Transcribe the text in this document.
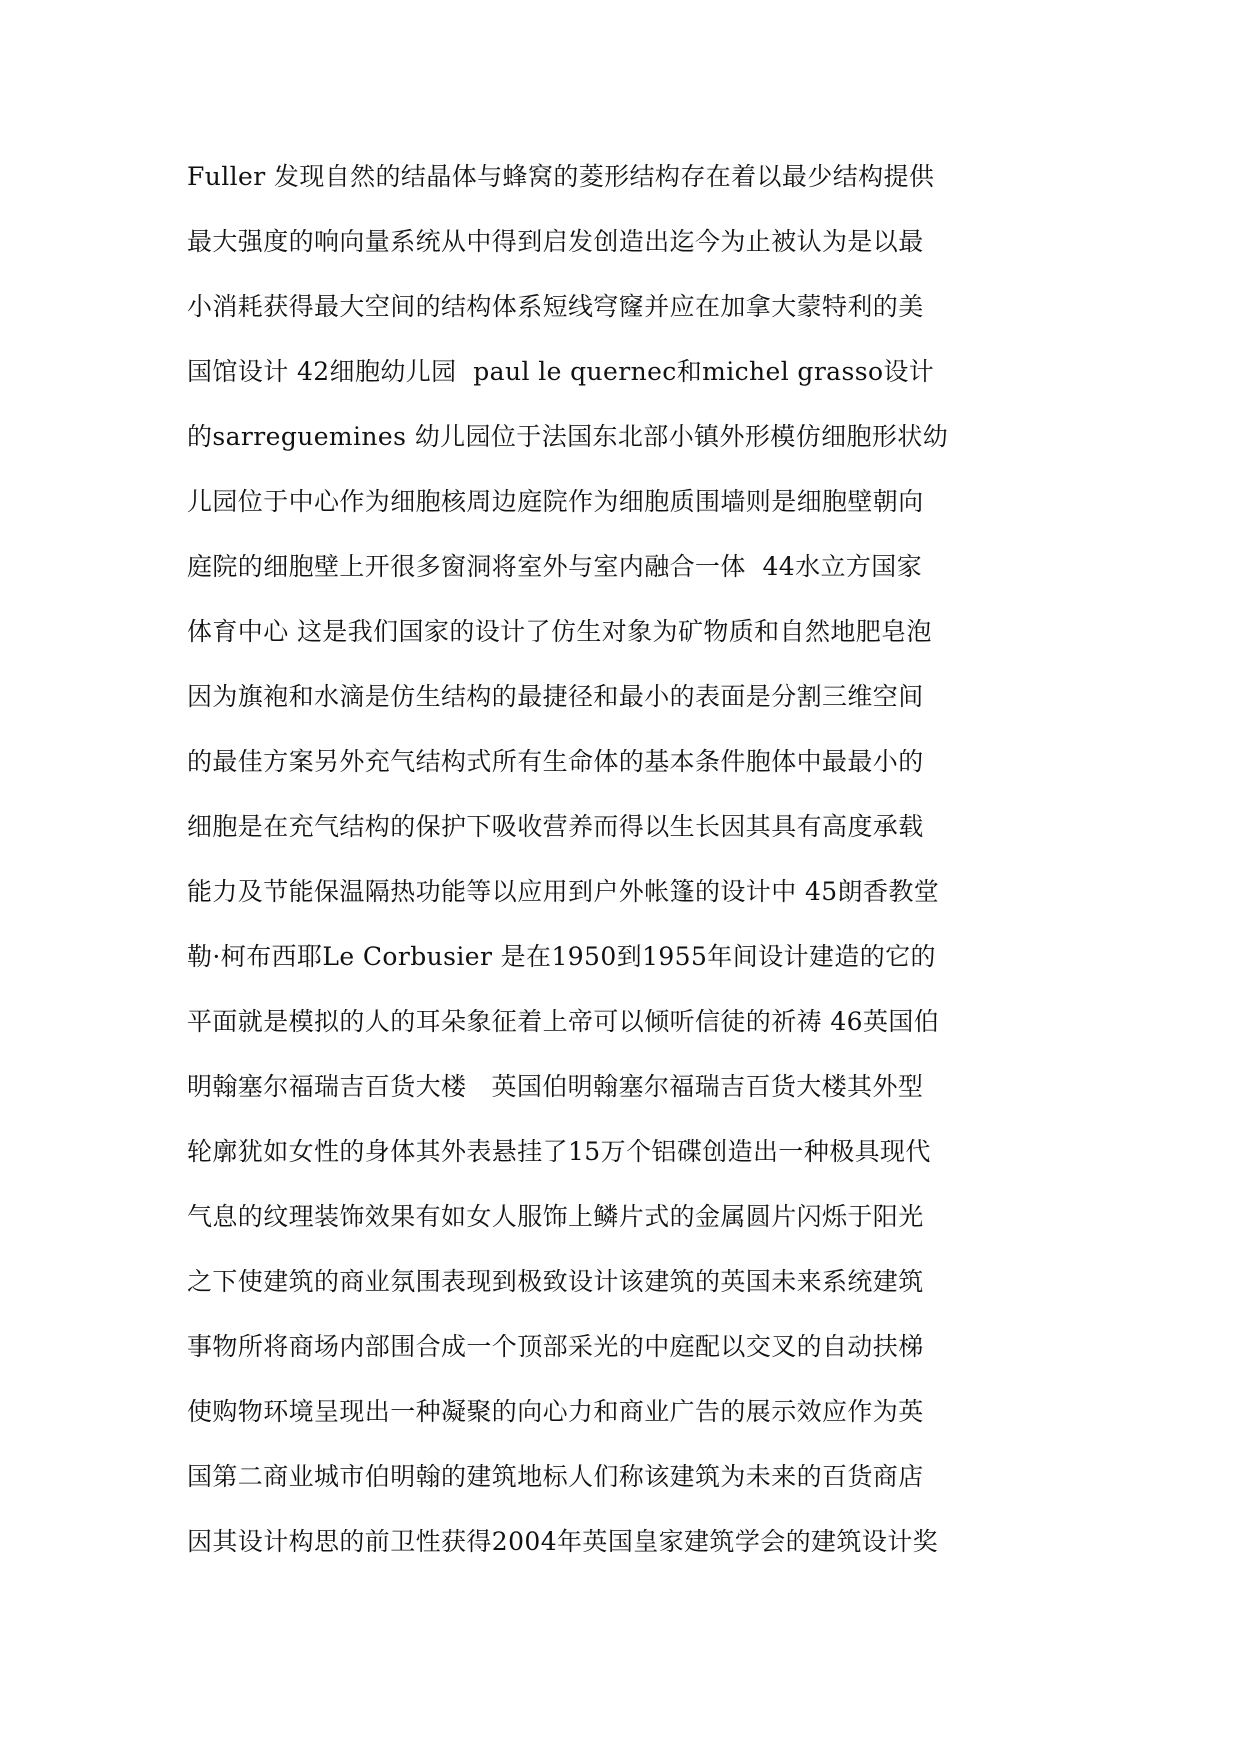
Fuller 发现自然的结晶体与蜂窝的菱形结构存在着以最少结构提供
最大强度的响向量系统从中得到启发创造出迄今为止被认为是以最
小消耗获得最大空间的结构体系短线穹窿并应在加拿大蒙特利的美
国馆设计 42细胞幼儿园  paul le quernec和michel grasso设计
的sarreguemines 幼儿园位于法国东北部小镇外形模仿细胞形状幼
儿园位于中心作为细胞核周边庭院作为细胞质围墙则是细胞壁朝向
庭院的细胞壁上开很多窗洞将室外与室内融合一体  44水立方国家
体育中心 这是我们国家的设计了仿生对象为矿物质和自然地肥皂泡
因为旗袍和水滴是仿生结构的最捷径和最小的表面是分割三维空间
的最佳方案另外充气结构式所有生命体的基本条件胞体中最最小的
细胞是在充气结构的保护下吸收营养而得以生长因其具有高度承载
能力及节能保温隔热功能等以应用到户外帐篷的设计中 45朗香教堂
勒·柯布西耶Le Corbusier 是在1950到1955年间设计建造的它的
平面就是模拟的人的耳朵象征着上帝可以倾听信徒的祈祷 46英国伯
明翰塞尔福瑞吉百货大楼   英国伯明翰塞尔福瑞吉百货大楼其外型
轮廓犹如女性的身体其外表悬挂了15万个铝碟创造出一种极具现代
气息的纹理装饰效果有如女人服饰上鳞片式的金属圆片闪烁于阳光
之下使建筑的商业氛围表现到极致设计该建筑的英国未来系统建筑
事物所将商场内部围合成一个顶部采光的中庭配以交叉的自动扶梯
使购物环境呈现出一种凝聚的向心力和商业广告的展示效应作为英
国第二商业城市伯明翰的建筑地标人们称该建筑为未来的百货商店
因其设计构思的前卫性获得2004年英国皇家建筑学会的建筑设计奖
